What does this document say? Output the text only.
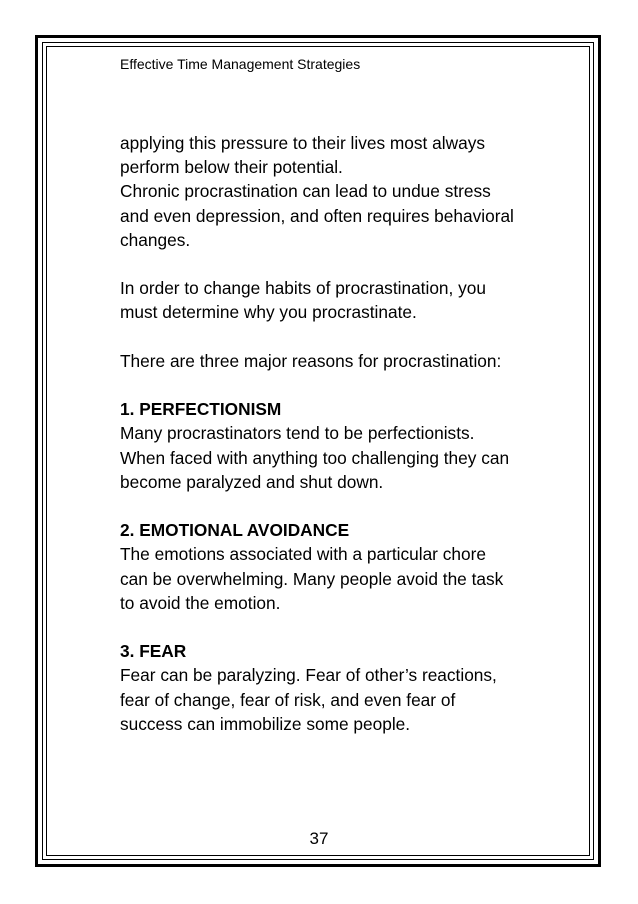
Effective Time Management Strategies

applying this pressure to their lives most always

perform below their potential.

Chronic procrastination can lead to undue stress

and even depression, and often requires behavioral

changes.

In order to change habits of procrastination, you

must determine why you procrastinate.

There are three major reasons for procrastination:

1. PERFECTIONISM

Many procrastinators tend to be perfectionists.

When faced with anything too challenging they can

become paralyzed and shut down.

2. EMOTIONAL AVOIDANCE

The emotions associated with a particular chore

can be overwhelming. Many people avoid the task

to avoid the emotion.

3. FEAR

Fear can be paralyzing. Fear of other’s reactions,

fear of change, fear of risk, and even fear of

success can immobilize some people.

37
